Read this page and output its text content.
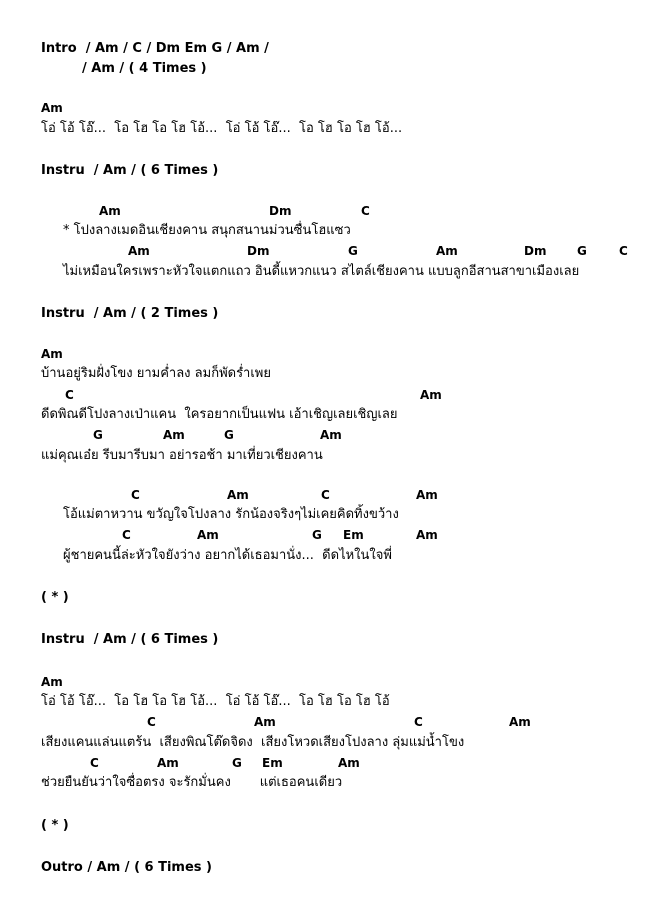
Intro  / Am / C / Dm Em G / Am /
/ Am / ( 4 Times )
Am
โอ่ โอ้ โอ๊...  โอ โฮ โอ โฮ โอ้...  โอ่ โอ้ โอ๊...  โอ โฮ โอ โฮ โอ้...
Instru  / Am / ( 6 Times )
Am	Dm	C
* โปงลางเมดอินเชียงคาน สนุกสนานม่วนซื่นโฮแซว
Am	Dm	G	Am	Dm	G	C
ไม่เหมือนใครเพราะหัวใจแตกแถว อินดี้แหวกแนว สไตล์เชียงคาน แบบลูกอีสานสาขาเมืองเลย
Instru  / Am / ( 2 Times )
Am
บ้านอยู่ริมฝั่งโขง ยามค่ำลง ลมก็พัดร่ำเพย
C	Am
ดีดพิณดีโปงลางเป่าแคน  ใครอยากเป็นแฟน เอ้าเชิญเลยเชิญเลย
G	Am	G	Am
แม่คุณเอ๋ย รีบมารีบมา อย่ารอช้า มาเที่ยวเชียงคาน
C	Am	C	Am
โอ้แม่ตาหวาน ขวัญใจโปงลาง รักน้องจริงๆไม่เคยคิดทิ้งขว้าง
C	Am	G Em	Am
ผู้ชายคนนี้ล่ะหัวใจยังว่าง อยากได้เธอมานั่ง...  ดีดไหในใจพี่
( * )
Instru  / Am / ( 6 Times )
Am
โอ่ โอ้ โอ๊...  โอ โฮ โอ โฮ โอ้...  โอ่ โอ้ โอ๊...  โอ โฮ โอ โฮ โอ้
C	Am	C	Am
เสียงแคนแล่นแตร้น  เสียงพิณโต๊ดจิดง  เสียงโหวดเสียงโปงลาง ลุ่มแม่น้ำโขง
C	Am	G Em	Am
ช่วยยืนยันว่าใจซื่อตรง จะรักมั่นคง       แต่เธอคนเดียว
( * )
Outro / Am / ( 6 Times )
